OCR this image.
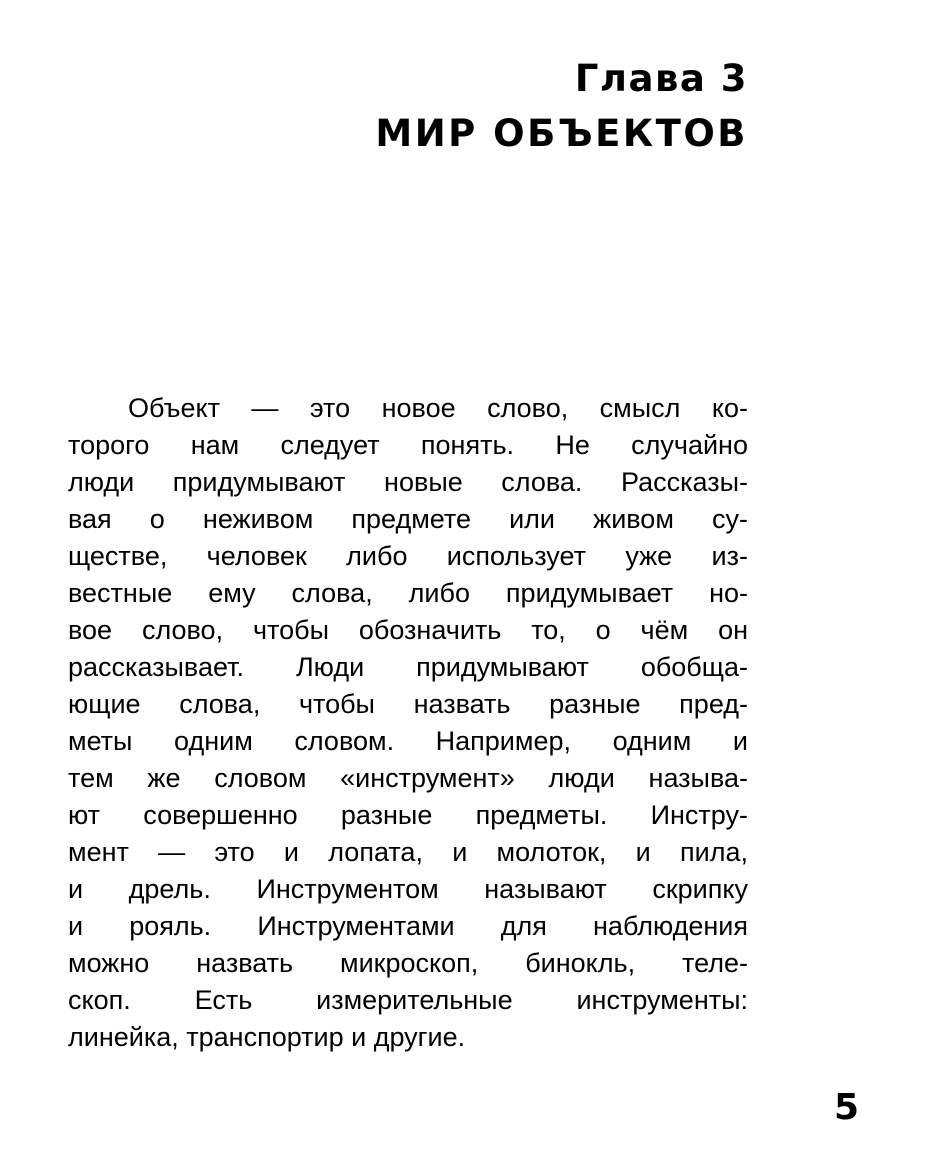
Глава 3
МИР ОБЪЕКТОВ

Объект — это новое слово, смысл ко-
торого нам следует понять. Не случайно
люди придумывают новые слова. Рассказы-
вая о неживом предмете или живом су-
ществе, человек либо использует уже из-
вестные ему слова, либо придумывает но-
вое слово, чтобы обозначить то, о чём он
рассказывает. Люди придумывают обобща-
ющие слова, чтобы назвать разные пред-
меты одним словом. Например, одним и
тем же словом «инструмент» люди называ-
ют совершенно разные предметы. Инстру-
мент — это и лопата, и молоток, и пила,
и дрель. Инструментом называют скрипку
и рояль. Инструментами для наблюдения
можно назвать микроскоп, бинокль, теле-
скоп. Есть измерительные инструменты:
линейка, транспортир и другие.

5
